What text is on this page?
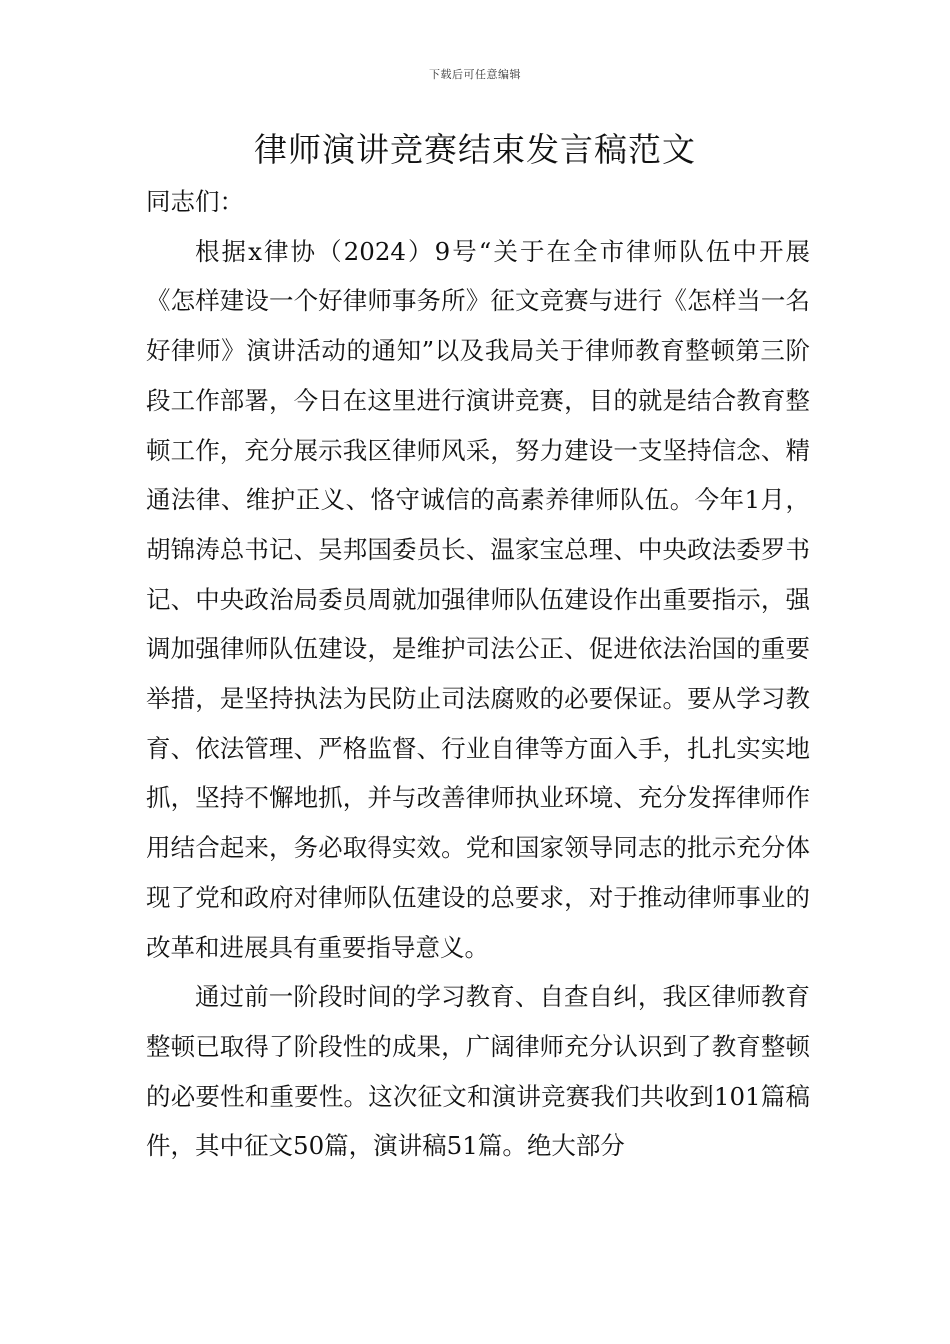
下载后可任意编辑
律师演讲竞赛结束发言稿范文

同志们：

根据x律协（2024）9号“关于在全市律师队伍中开展《怎样建设一个好律师事务所》征文竞赛与进行《怎样当一名好律师》演讲活动的通知”以及我局关于律师教育整顿第三阶段工作部署，今日在这里进行演讲竞赛，目的就是结合教育整顿工作，充分展示我区律师风采，努力建设一支坚持信念、精通法律、维护正义、恪守诚信的高素养律师队伍。今年1月，胡锦涛总书记、吴邦国委员长、温家宝总理、中央政法委罗书记、中央政治局委员周就加强律师队伍建设作出重要指示，强调加强律师队伍建设，是维护司法公正、促进依法治国的重要举措，是坚持执法为民防止司法腐败的必要保证。要从学习教育、依法管理、严格监督、行业自律等方面入手，扎扎实实地抓，坚持不懈地抓，并与改善律师执业环境、充分发挥律师作用结合起来，务必取得实效。党和国家领导同志的批示充分体现了党和政府对律师队伍建设的总要求，对于推动律师事业的改革和进展具有重要指导意义。

通过前一阶段时间的学习教育、自查自纠，我区律师教育整顿已取得了阶段性的成果，广阔律师充分认识到了教育整顿的必要性和重要性。这次征文和演讲竞赛我们共收到101篇稿件，其中征文50篇，演讲稿51篇。绝大部分
